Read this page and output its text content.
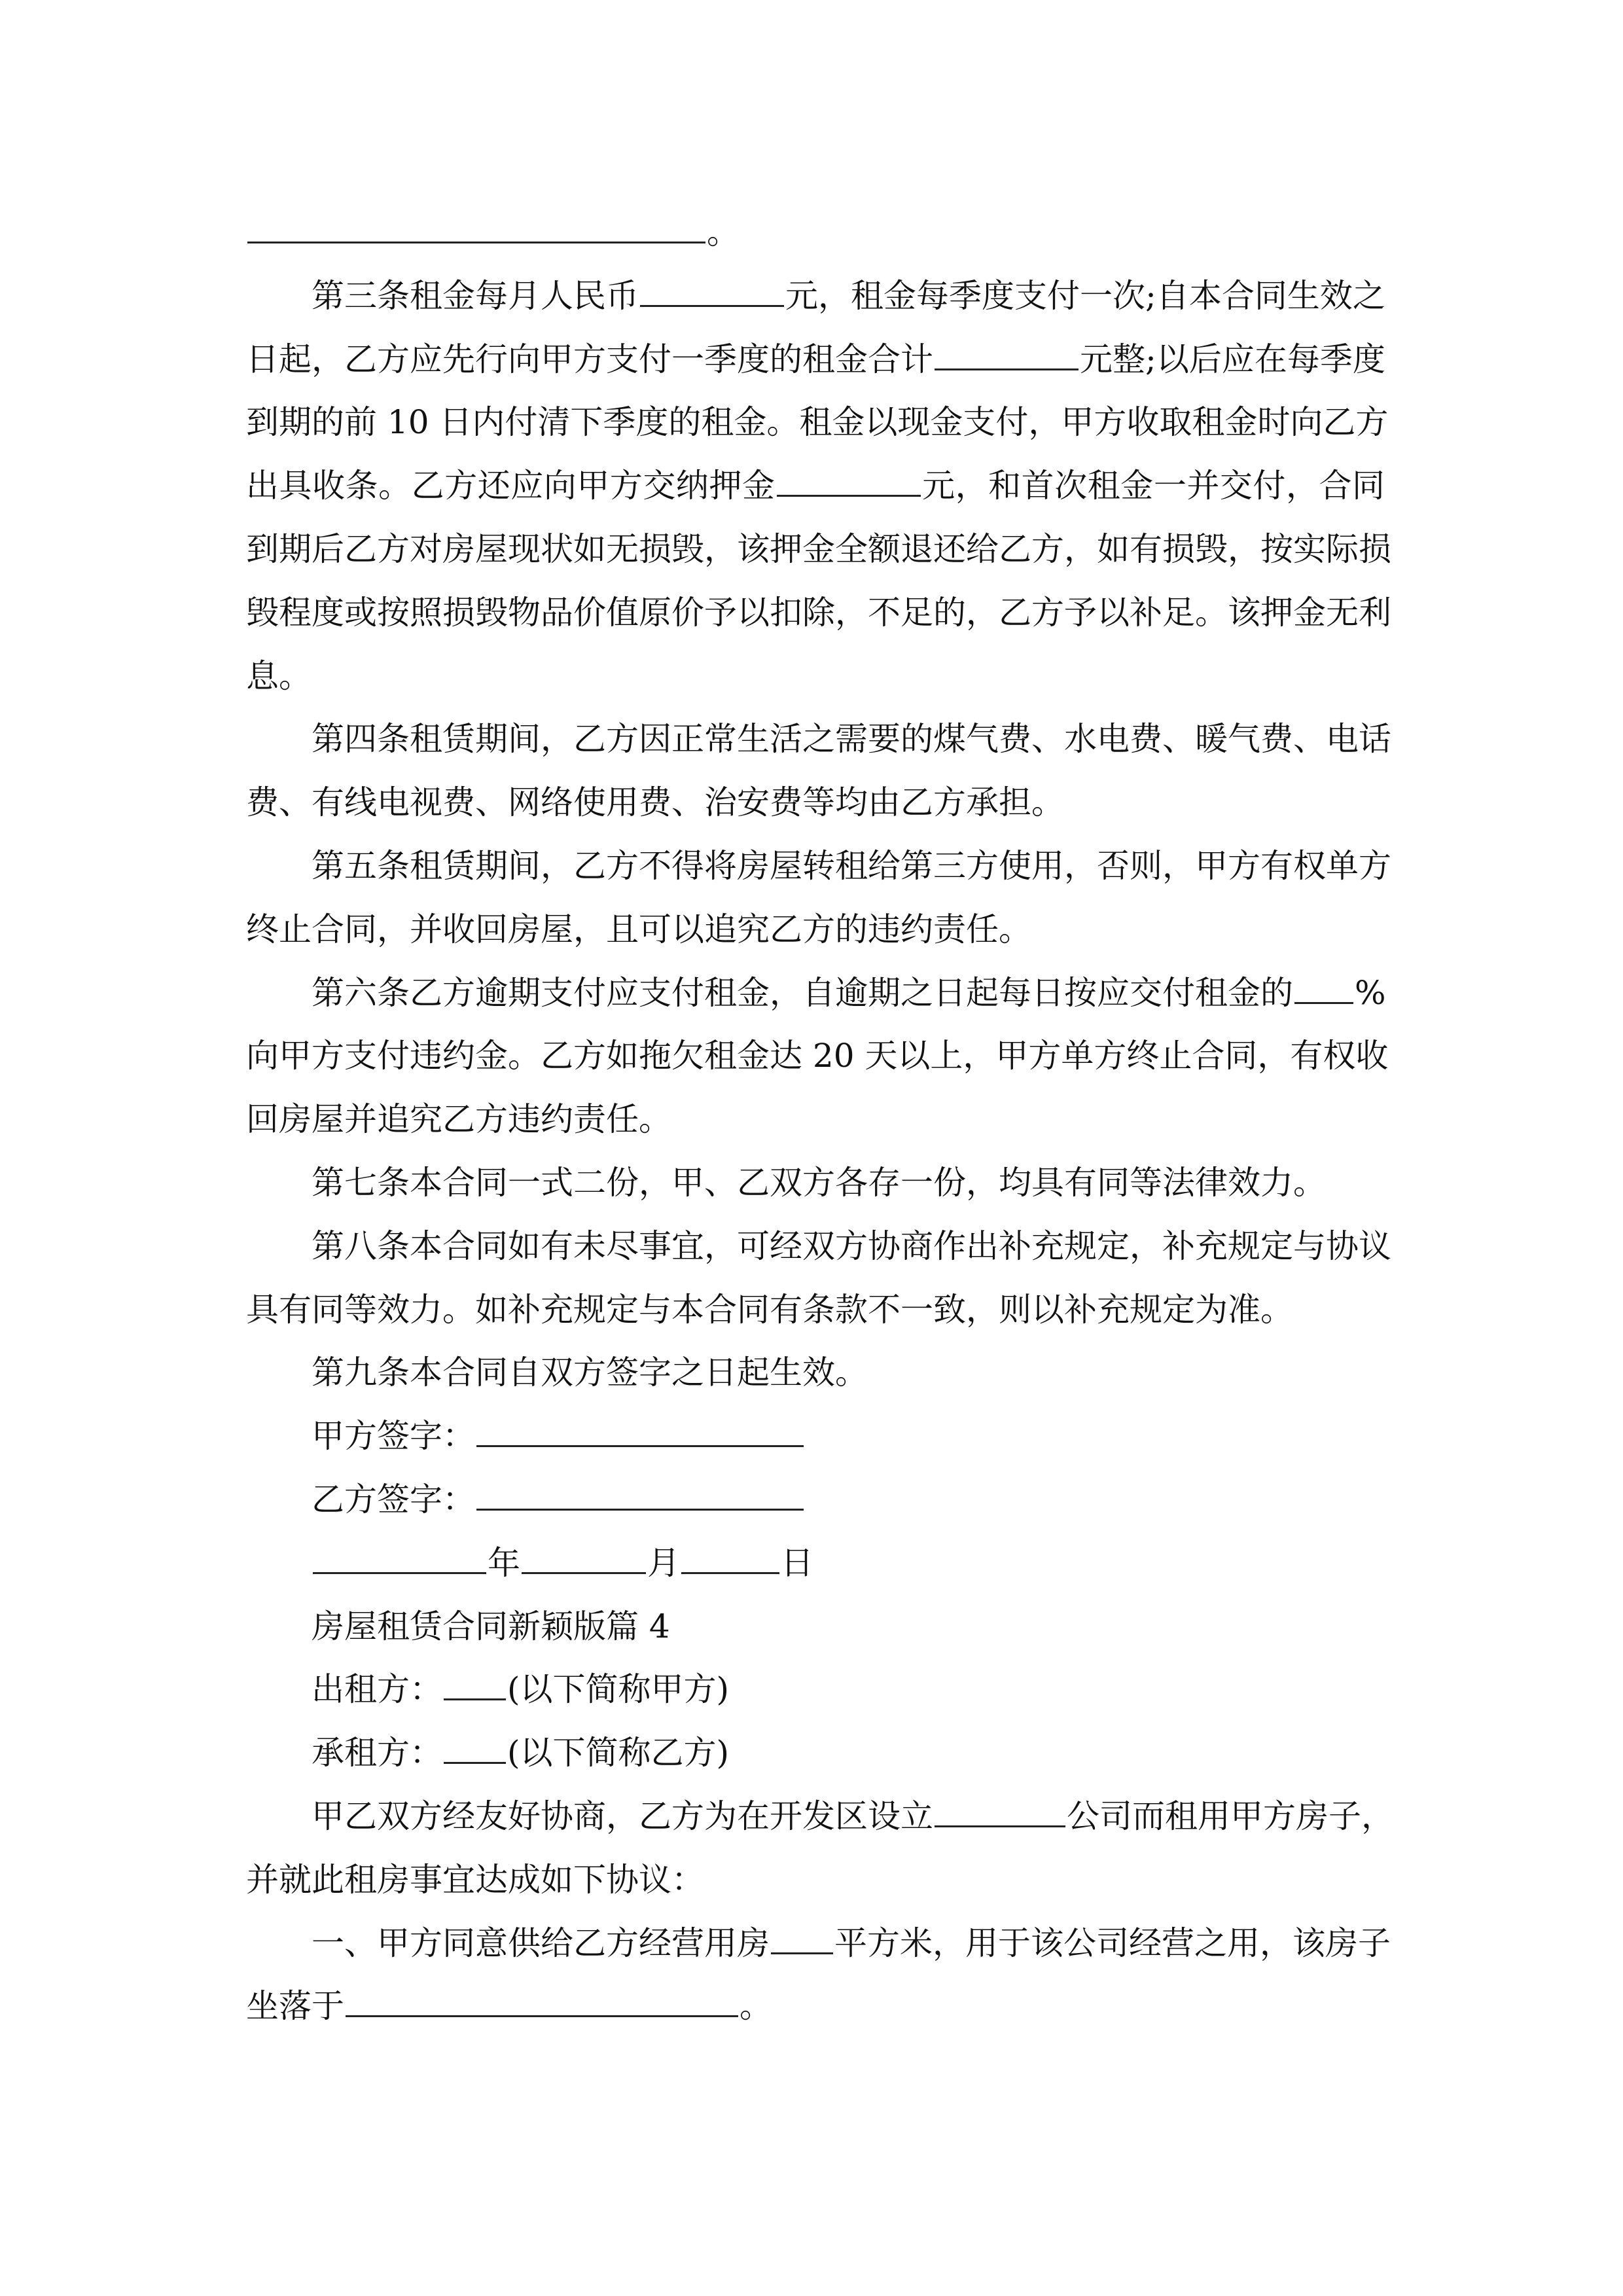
。
第三条租金每月人民币	元，租金每季度支付一次;自本合同生效之
日起，乙方应先行向甲方支付一季度的租金合计	元整;以后应在每季度
到期的前 10 日内付清下季度的租金。租金以现金支付，甲方收取租金时向乙方
出具收条。乙方还应向甲方交纳押金	元，和首次租金一并交付，合同
到期后乙方对房屋现状如无损毁，该押金全额退还给乙方，如有损毁，按实际损
毁程度或按照损毁物品价值原价予以扣除，不足的，乙方予以补足。该押金无利
息。
第四条租赁期间，乙方因正常生活之需要的煤气费、水电费、暖气费、电话
费、有线电视费、网络使用费、治安费等均由乙方承担。
第五条租赁期间，乙方不得将房屋转租给第三方使用，否则，甲方有权单方
终止合同，并收回房屋，且可以追究乙方的违约责任。
第六条乙方逾期支付应支付租金，自逾期之日起每日按应交付租金的 %
向甲方支付违约金。乙方如拖欠租金达 20 天以上，甲方单方终止合同，有权收
回房屋并追究乙方违约责任。
第七条本合同一式二份，甲、乙双方各存一份，均具有同等法律效力。
第八条本合同如有未尽事宜，可经双方协商作出补充规定，补充规定与协议
具有同等效力。如补充规定与本合同有条款不一致，则以补充规定为准。
第九条本合同自双方签字之日起生效。
甲方签字：
乙方签字：
年	月	日
房屋租赁合同新颖版篇 4
出租方： (以下简称甲方)
承租方： (以下简称乙方)
甲乙双方经友好协商，乙方为在开发区设立	公司而租用甲方房子，
并就此租房事宜达成如下协议：
一、甲方同意供给乙方经营用房 平方米，用于该公司经营之用，该房子
坐落于	。
